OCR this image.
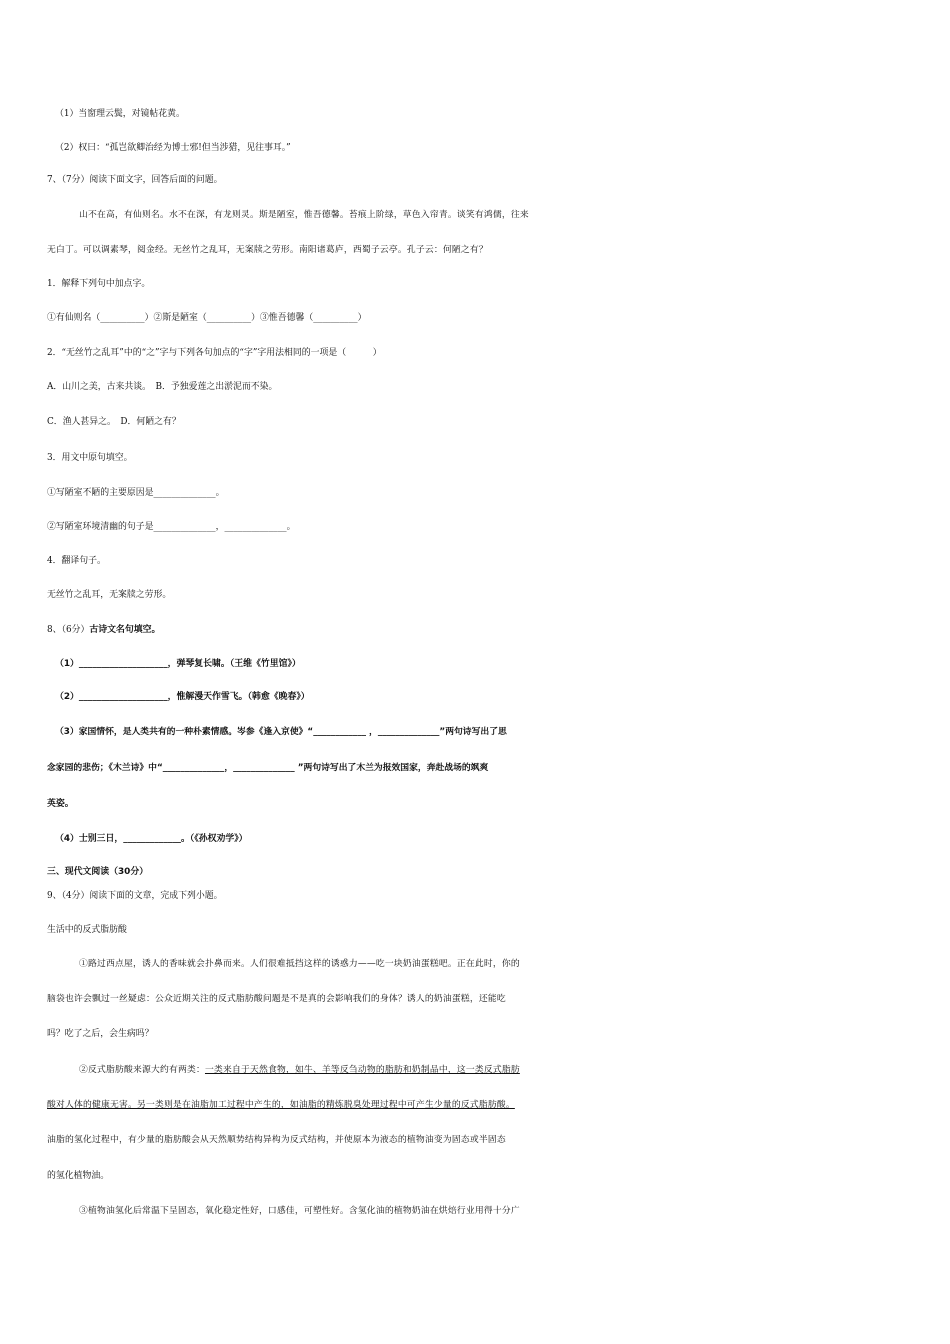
（1）当窗理云鬓，对镜帖花黄。
（2）权曰：“孤岂欲卿治经为博士邪!但当涉猎，见往事耳。”
7、（7分）阅读下面文字，回答后面的问题。
山不在高，有仙则名。水不在深，有龙则灵。斯是陋室，惟吾德馨。苔痕上阶绿，草色入帘青。谈笑有鸿儒，往来
无白丁。可以调素琴，阅金经。无丝竹之乱耳，无案牍之劳形。南阳诸葛庐，西蜀子云亭。孔子云：何陋之有？
1．解释下列句中加点字。
①有仙则名（__________）②斯是陋室（__________）③惟吾德馨（__________）
2．“无丝竹之乱耳”中的“之”字与下列各句加点的“字”字用法相同的一项是（　　　）
A．山川之美，古来共谈。　B．予独爱莲之出淤泥而不染。
C．渔人甚异之。　D．何陋之有？
3．用文中原句填空。
①写陋室不陋的主要原因是______________。
②写陋室环境清幽的句子是______________，______________。
4．翻译句子。
无丝竹之乱耳，无案牍之劳形。
8、（6分）古诗文名句填空。
（1）____________________，弹琴复长啸。（王维《竹里馆》）
（2）____________________，惟解漫天作雪飞。（韩愈《晚春》）
（3）家国情怀，是人类共有的一种朴素情感。岑参《逢入京使》“____________ ，______________”两句诗写出了思
念家园的悲伤；《木兰诗》中“______________，______________ ”两句诗写出了木兰为报效国家，奔赴战场的飒爽
英姿。
（4）士别三日，_____________。（《孙权劝学》）
三、现代文阅读（30分）
9、（4分）阅读下面的文章，完成下列小题。
生活中的反式脂肪酸
①路过西点屋，诱人的香味就会扑鼻而来。人们很难抵挡这样的诱惑力——吃一块奶油蛋糕吧。正在此时，你的
脑袋也许会飘过一丝疑虑：公众近期关注的反式脂肪酸问题是不是真的会影响我们的身体？诱人的奶油蛋糕，还能吃
吗？吃了之后，会生病吗？
②反式脂肪酸来源大约有两类：一类来自于天然食物，如牛、羊等反刍动物的脂肪和奶制品中，这一类反式脂肪
酸对人体的健康无害。另一类则是在油脂加工过程中产生的，如油脂的精炼脱臭处理过程中可产生少量的反式脂肪酸。
油脂的氢化过程中，有少量的脂肪酸会从天然顺势结构异构为反式结构，并使原本为液态的植物油变为固态或半固态
的氢化植物油。
③植物油氢化后常温下呈固态，氧化稳定性好，口感佳，可塑性好。含氢化油的植物奶油在烘焙行业用得十分广
